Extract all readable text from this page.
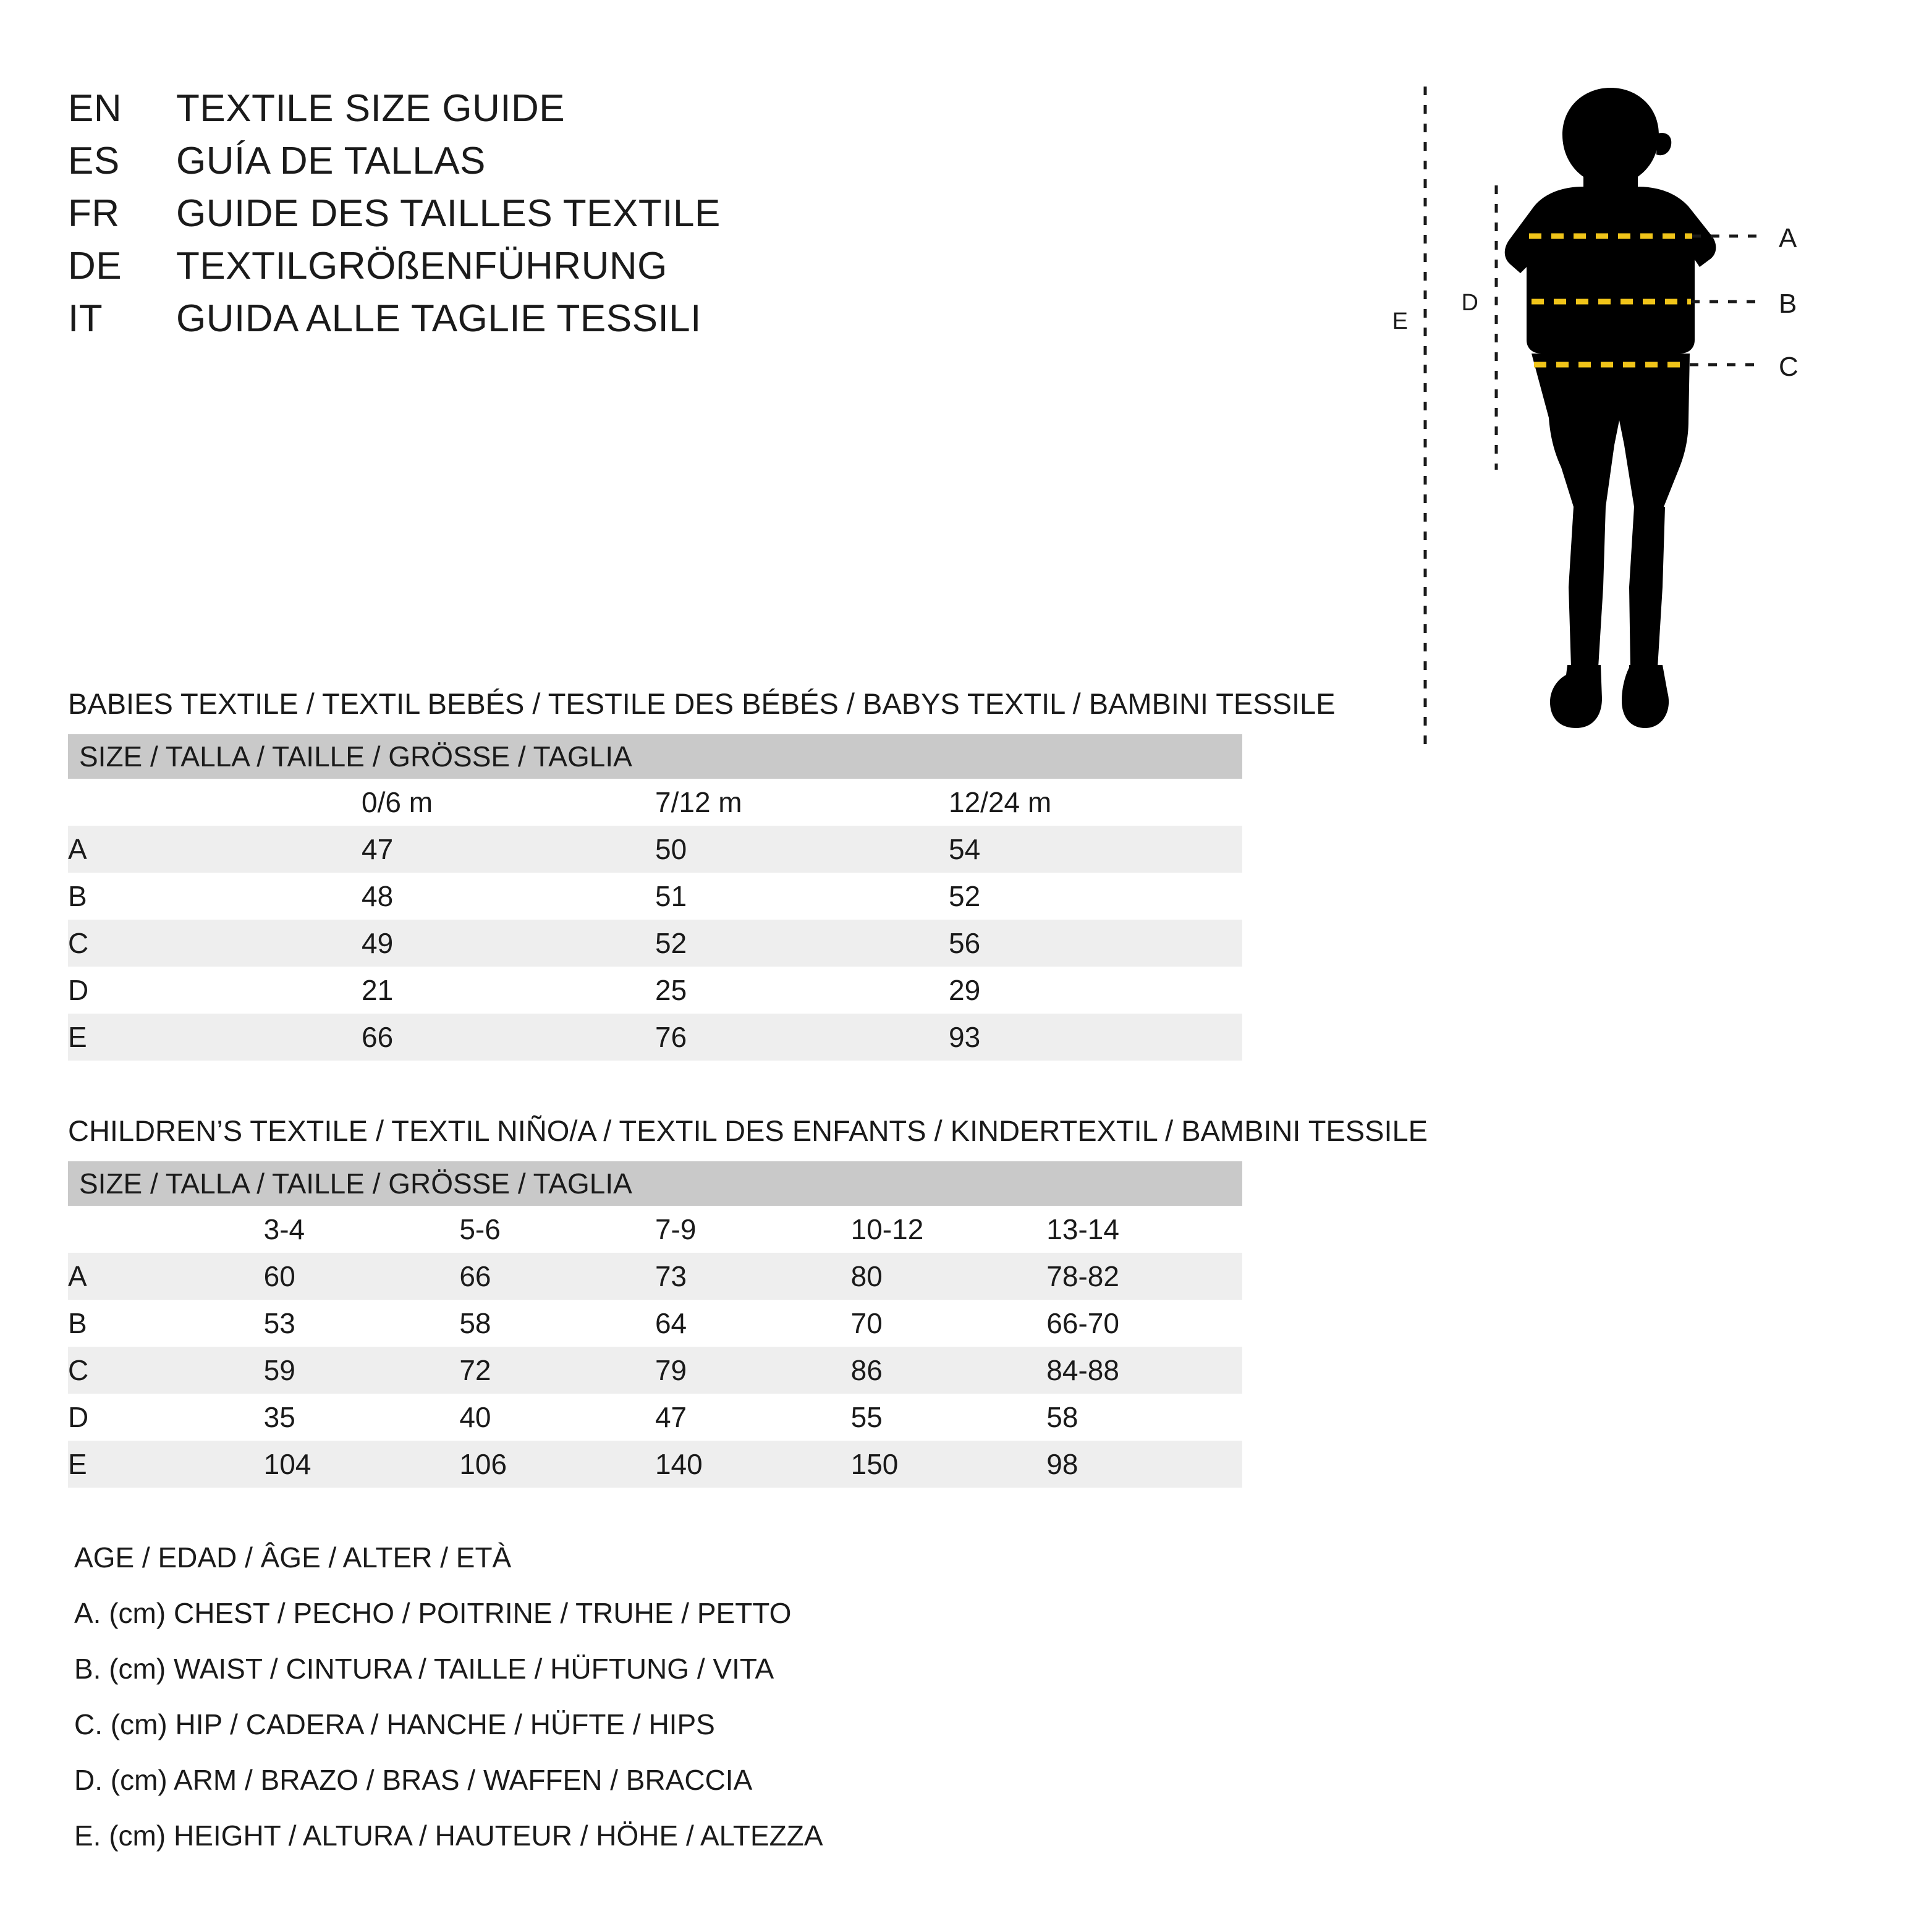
EN	TEXTILE SIZE GUIDE
ES	GUÍA DE TALLAS
FR	GUIDE DES TAILLES TEXTILE
DE	TEXTILGRÖßENFÜHRUNG
IT	GUIDA ALLE TAGLIE TESSILI
A
B
C
D
E
BABIES TEXTILE / TEXTIL BEBÉS / TESTILE DES BÉBÉS / BABYS TEXTIL / BAMBINI TESSILE
SIZE / TALLA / TAILLE / GRÖSSE / TAGLIA			
	0/6 m	7/12 m	12/24 m
A	47	50	54
B	48	51	52
C	49	52	56
D	21	25	29
E	66	76	93
CHILDREN’S TEXTILE / TEXTIL NIÑO/A / TEXTIL DES ENFANTS / KINDERTEXTIL / BAMBINI TESSILE
SIZE / TALLA / TAILLE / GRÖSSE / TAGLIA					
	3-4	5-6	7-9	10-12	13-14
A	60	66	73	80	78-82
B	53	58	64	70	66-70
C	59	72	79	86	84-88
D	35	40	47	55	58
E	104	106	140	150	98
AGE / EDAD / ÂGE / ALTER / ETÀ
A. (cm) CHEST / PECHO / POITRINE / TRUHE / PETTO
B. (cm) WAIST / CINTURA / TAILLE / HÜFTUNG / VITA
C. (cm) HIP / CADERA / HANCHE / HÜFTE / HIPS
D. (cm) ARM / BRAZO / BRAS / WAFFEN / BRACCIA
E. (cm) HEIGHT / ALTURA / HAUTEUR / HÖHE / ALTEZZA
